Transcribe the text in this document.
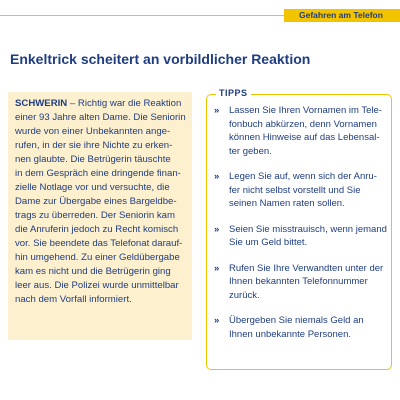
Gefahren am Telefon
Enkeltrick scheitert an vorbildlicher Reaktion
SCHWERIN – Richtig war die Reaktion
einer 93 Jahre alten Dame. Die Seniorin
wurde von einer Unbekannten ange-
rufen, in der sie ihre Nichte zu erken-
nen glaubte. Die Betrügerin täuschte
in dem Gespräch eine dringende finan-
zielle Notlage vor und versuchte, die
Dame zur Übergabe eines Bargeldbe-
trags zu überreden. Der Seniorin kam
die Anruferin jedoch zu Recht komisch
vor. Sie beendete das Telefonat darauf-
hin umgehend. Zu einer Geldübergabe
kam es nicht und die Betrügerin ging
leer aus. Die Polizei wurde unmittelbar
nach dem Vorfall informiert.
TIPPS
» Lassen Sie Ihren Vornamen im Tele-
fonbuch abkürzen, denn Vornamen
können Hinweise auf das Lebensal-
ter geben.
» Legen Sie auf, wenn sich der Anru-
fer nicht selbst vorstellt und Sie
seinen Namen raten sollen.
» Seien Sie misstrauisch, wenn jemand
Sie um Geld bittet.
» Rufen Sie Ihre Verwandten unter der
Ihnen bekannten Telefonnummer
zurück.
» Übergeben Sie niemals Geld an
Ihnen unbekannte Personen.
